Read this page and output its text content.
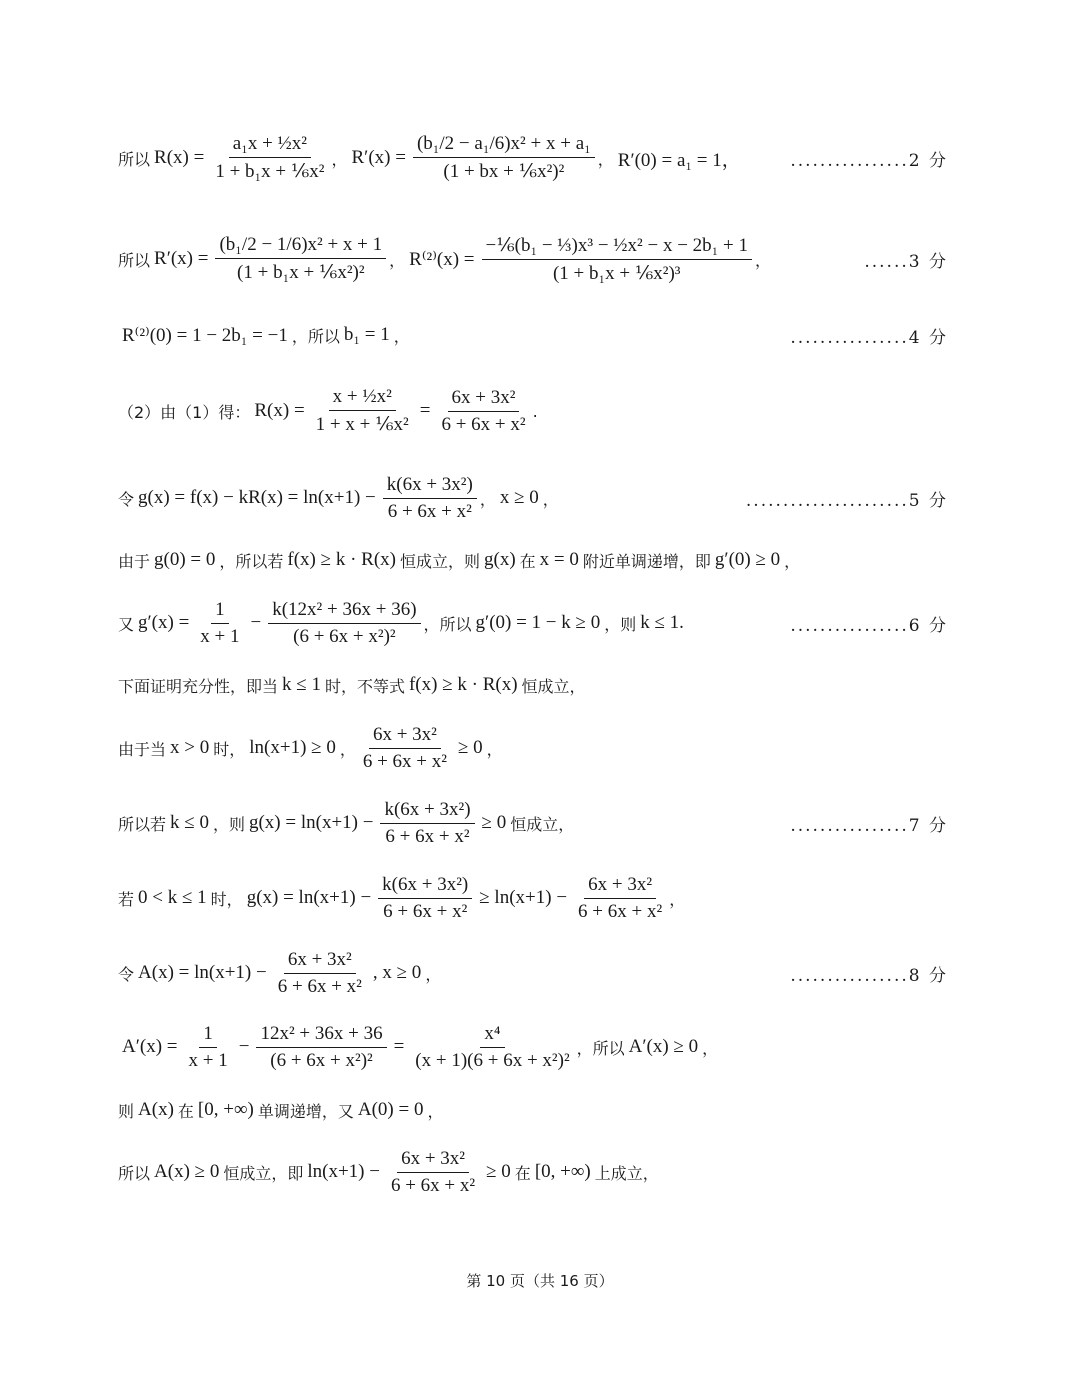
所以 $R(x) = \frac{\text{a₁x + ½x²}}{\text{1 + b₁x + ⅙x²}}$ ， $R'(x) = \frac{\text{(b₁/2 − a₁/6)x² + x + a₁}}{\text{(1 + bx + ⅙x²)²}}$ ， R′(0) = a₁ = 1，	................2 分
所以 $R'(x) = \frac{\text{(b₁/2 − 1/6)x² + x + 1}}{\text{(1 + b₁x + ⅙x²)²}}$ ， $R^{(2)}(x) = \frac{\text{−⅙(b₁ − ⅓)x³ − ½x² − x − 2b₁ + 1}}{\text{(1 + b₁x + ⅙x²)³}}$ ，	......3 分
R⁽²⁾(0) = 1 − 2b₁ = −1 ，所以 b₁ = 1 ，	................4 分
（2）由（1）得： $R(x) = \frac{\text{x + ½x²}}{\text{1 + x + ⅙x²}} = \frac{\text{6x + 3x²}}{\text{6 + 6x + x²}}$ .
令 $g(x) = f(x) - kR(x) = \ln(x+1) - \frac{\text{k(6x + 3x²)}}{\text{6 + 6x + x²}}$ ， x ≥ 0 ，	......................5 分
由于 g(0) = 0 ，所以若 f(x) ≥ k · R(x) 恒成立，则 g(x) 在 x = 0 附近单调递增，即 g′(0) ≥ 0 ，
又 $g'(x) = \frac{1}{x + 1} - \frac{\text{k(12x² + 36x + 36)}}{\text{(6 + 6x + x²)²}}$ ，所以 g′(0) = 1 − k ≥ 0 ，则 k ≤ 1.	................6 分
下面证明充分性，即当 k ≤ 1 时，不等式 f(x) ≥ k · R(x) 恒成立，
由于当 x > 0 时， ln(x+1) ≥ 0 ， $\frac{\text{6x + 3x²}}{\text{6 + 6x + x²}} \ge 0$ ，
所以若 k ≤ 0 ，则 $g(x) = \ln(x+1) - \frac{\text{k(6x + 3x²)}}{\text{6 + 6x + x²}} \ge 0$ 恒成立，	................7 分
若 0 < k ≤ 1 时， $g(x) = \ln(x+1) - \frac{\text{k(6x + 3x²)}}{\text{6 + 6x + x²}} \ge \ln(x+1) - \frac{\text{6x + 3x²}}{\text{6 + 6x + x²}}$ ，
令 $A(x) = \ln(x+1) - \frac{\text{6x + 3x²}}{\text{6 + 6x + x²}}$ , x ≥ 0 ，	................8 分
$A'(x) = \frac{1}{x + 1} - \frac{\text{12x² + 36x + 36}}{\text{(6 + 6x + x²)²}} = \frac{\text{x⁴}}{\text{(x + 1)(6 + 6x + x²)²}}$ ，所以 A′(x) ≥ 0 ，
则 A(x) 在 [0, +∞) 单调递增，又 A(0) = 0 ，
所以 A(x) ≥ 0 恒成立，即 $\ln(x+1) - \frac{\text{6x + 3x²}}{\text{6 + 6x + x²}} \ge 0$ 在 [0, +∞) 上成立，
第 10 页（共 16 页）
